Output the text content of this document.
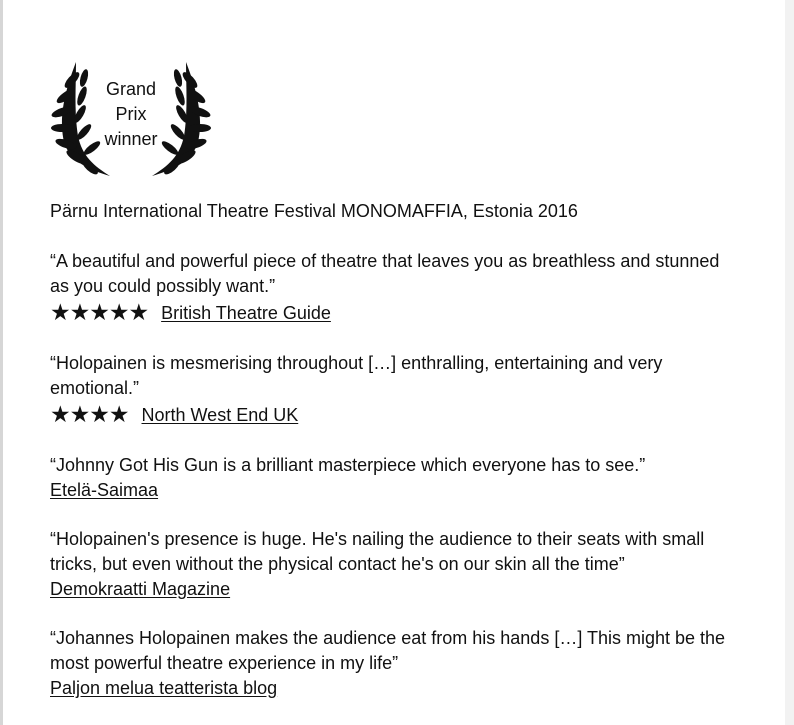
Grand
Prix
winner

Pärnu International Theatre Festival MONOMAFFIA, Estonia 2016

“A beautiful and powerful piece of theatre that leaves you as breathless and stunned as you could possibly want.”

★★★★★ British Theatre Guide

“Holopainen is mesmerising throughout […] enthralling, entertaining and very emotional.”

★★★★ North West End UK

“Johnny Got His Gun is a brilliant masterpiece which everyone has to see.”

Etelä-Saimaa

“Holopainen's presence is huge. He's nailing the audience to their seats with small tricks, but even without the physical contact he's on our skin all the time”

Demokraatti Magazine

“Johannes Holopainen makes the audience eat from his hands […] This might be the most powerful theatre experience in my life”

Paljon melua teatterista blog
